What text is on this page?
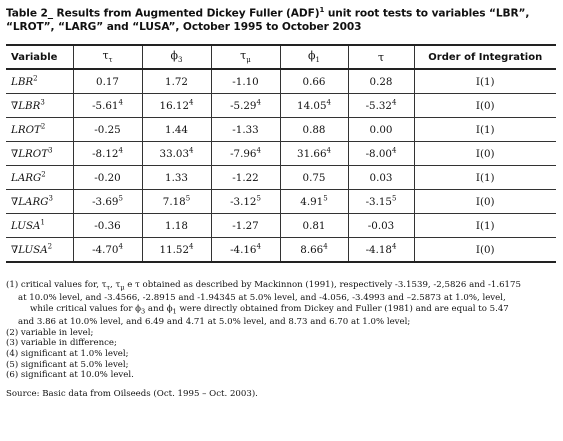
Table 2_ Results from Augmented Dickey Fuller (ADF)$^1$ unit root tests to variables “LBR”,
“LROT”, “LARG” and “LUSA”, October 1995 to October 2003
Variable	$\tau_\tau$	$\phi_3$	$\tau_\mu$	$\phi_1$	τ	Order of Integration
LBR$^2$	0.17	1.72	-1.10	0.66	0.28	I(1)
∇LBR$^3$	-5.61$^4$	16.12$^4$	-5.29$^4$	14.05$^4$	-5.32$^4$	I(0)
LROT$^2$	-0.25	1.44	-1.33	0.88	0.00	I(1)
∇LROT$^3$	-8.12$^4$	33.03$^4$	-7.96$^4$	31.66$^4$	-8.00$^4$	I(0)
LARG$^2$	-0.20	1.33	-1.22	0.75	0.03	I(1)
∇LARG$^3$	-3.69$^5$	7.18$^5$	-3.12$^5$	4.91$^5$	-3.15$^5$	I(0)
LUSA$^1$	-0.36	1.18	-1.27	0.81	-0.03	I(1)
∇LUSA$^2$	-4.70$^4$	11.52$^4$	-4.16$^4$	8.66$^4$	-4.18$^4$	I(0)
(1) critical values for, $\tau_\tau$, $\tau_\mu$ e τ obtained as described by Mackinnon (1991), respectively -3.1539, -2,5826 and -1.6175
at 10.0% level, and -3.4566, -2.8915 and -1.94345 at 5.0% level, and -4.056, -3.4993 and –2.5873 at 1.0%, level,
while critical values for $\phi_3$ and $\phi_1$ were directly obtained from Dickey and Fuller (1981) and are equal to 5.47
and 3.86 at 10.0% level, and 6.49 and 4.71 at 5.0% level, and 8.73 and 6.70 at 1.0% level;
(2) variable in level;
(3) variable in difference;
(4) significant at 1.0% level;
(5) significant at 5.0% level;
(6) significant at 10.0% level.
Source: Basic data from Oilseeds (Oct. 1995 – Oct. 2003).
